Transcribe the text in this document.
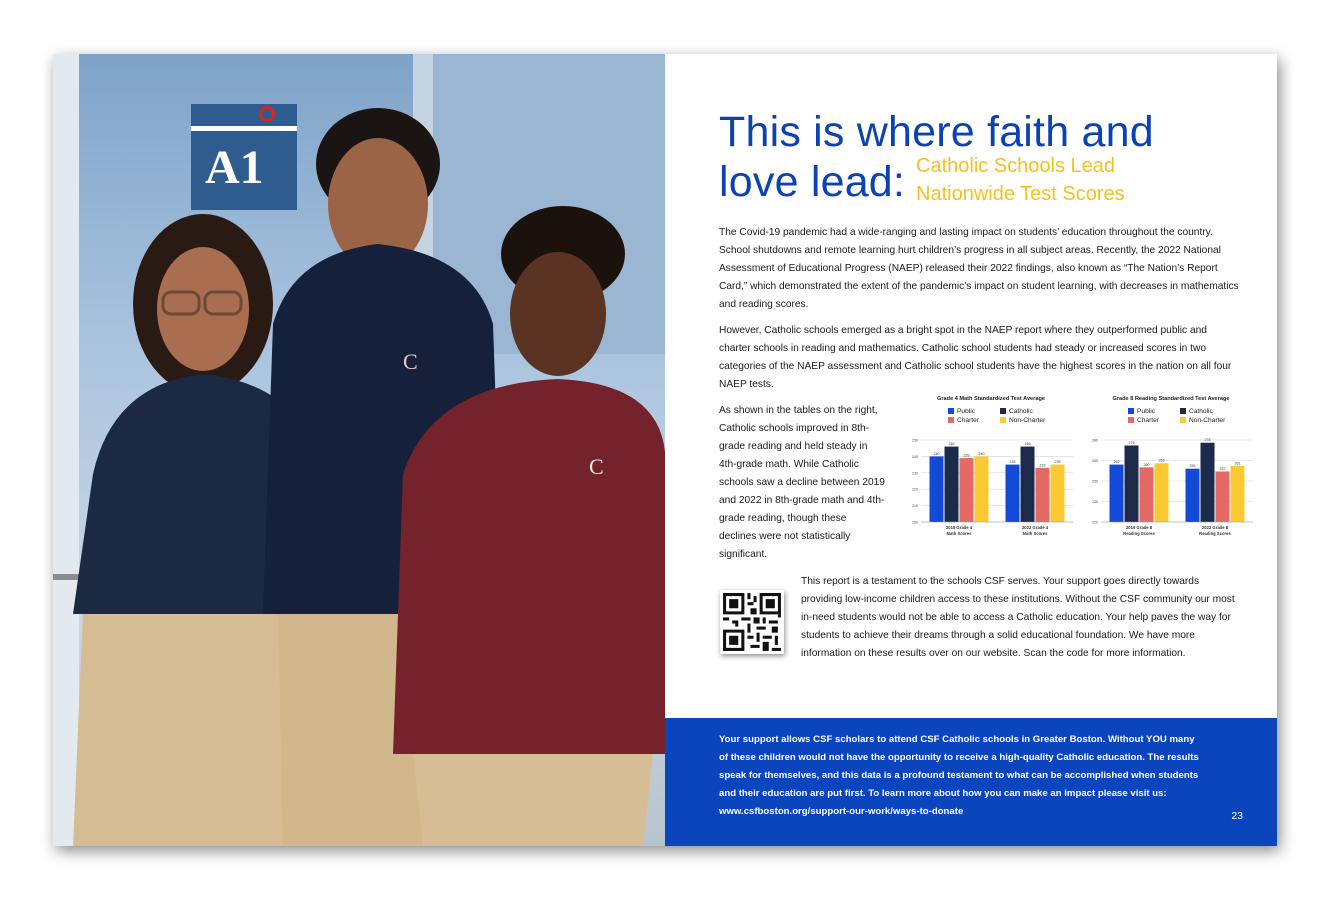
A1
C
C
This is where faith and
love lead: Catholic Schools Lead
Nationwide Test Scores

The Covid-19 pandemic had a wide-ranging and lasting impact on students’ education throughout the country. School shutdowns and remote learning hurt children’s progress in all subject areas. Recently, the 2022 National Assessment of Educational Progress (NAEP) released their 2022 findings, also known as “The Nation’s Report Card,” which demonstrated the extent of the pandemic’s impact on student learning, with decreases in mathematics and reading scores.

However, Catholic schools emerged as a bright spot in the NAEP report where they outperformed public and charter schools in reading and mathematics. Catholic school students had steady or increased scores in two categories of the NAEP assessment and Catholic school students have the highest scores in the nation on all four NAEP tests.

As shown in the tables on the right, Catholic schools improved in 8th-grade reading and held steady in 4th-grade math. While Catholic schools saw a decline between 2019 and 2022 in 8th-grade math and 4th-grade reading, though these declines were not statistically significant.

Grade 4 Math Standardized Test Average
Public	Catholic
Charter	Non-Charter
200
210
220
230
240
250
240
246
239	240
2019 Grade 4
Math Scores
235
246
233
235
2022 Grade 4
Math Scores
Grade 8 Reading Standardized Test Average
Public	Catholic
Charter	Non-Charter
220
235
250
265
280
262
276
260
263
2019 Grade 8
Reading Scores
259
278
257
261
2022 Grade 8
Reading Scores

This report is a testament to the schools CSF serves. Your support goes directly towards providing low-income children access to these institutions. Without the CSF community our most in-need students would not be able to access a Catholic education. Your help paves the way for students to achieve their dreams through a solid educational foundation. We have more information on these results over on our website. Scan the code for more information.

Your support allows CSF scholars to attend CSF Catholic schools in Greater Boston. Without YOU many of these children would not have the opportunity to receive a high-quality Catholic education. The results speak for themselves, and this data is a profound testament to what can be accomplished when students and their education are put first. To learn more about how you can make an impact please visit us:
www.csfboston.org/support-our-work/ways-to-donate	23
